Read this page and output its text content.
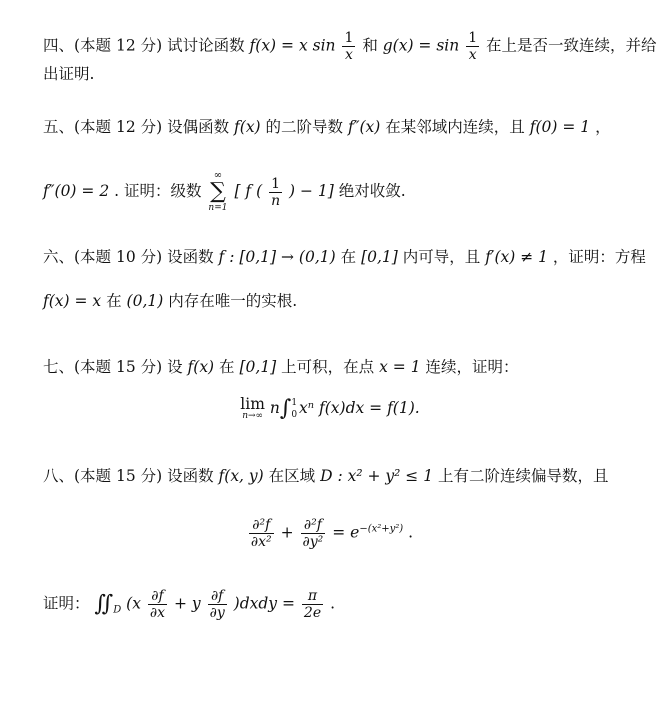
四、(本题 12 分) 试讨论函数 f(x) = x $\sin \frac{1}{x}$ 和 $g(x) = \sin \frac{1}{x}$ 在上是否一致连续，并给
出证明.
五、(本题 12 分) 设偶函数 f(x) 的二阶导数 f″(x) 在某邻域内连续，且 f(0) = 1 ，
f″(0) = 2 . 证明：级数
∞
∑
n=1
[ f ( $\frac{1}{n}$ ) − 1] 绝对收敛.
六、(本题 10 分) 设函数 f : [0,1] → (0,1) 在 [0,1] 内可导，且 f′(x) ≠ 1 ，证明：方程
f(x) = x 在 (0,1) 内存在唯一的实根.
七、(本题 15 分) 设 f(x) 在 [0,1] 上可积，在点 x = 1 连续，证明：
lim
n→∞ n∫ 1
0 xⁿ f(x)dx = f(1).
八、(本题 15 分) 设函数 f(x, y) 在区域 D : x² + y² ≤ 1 上有二阶连续偏导数，且
$\frac{\text{∂²f}}{\text{∂x²}} + \frac{\text{∂²f}}{\text{∂y²}} = e^{-(x^2+y^2)}$ .
证明： $∬_D$ ($x \frac{\partial f}{\partial x} + y \frac{\partial f}{\partial y}$ )dxdy = $\frac{\pi}{2e}$ .
